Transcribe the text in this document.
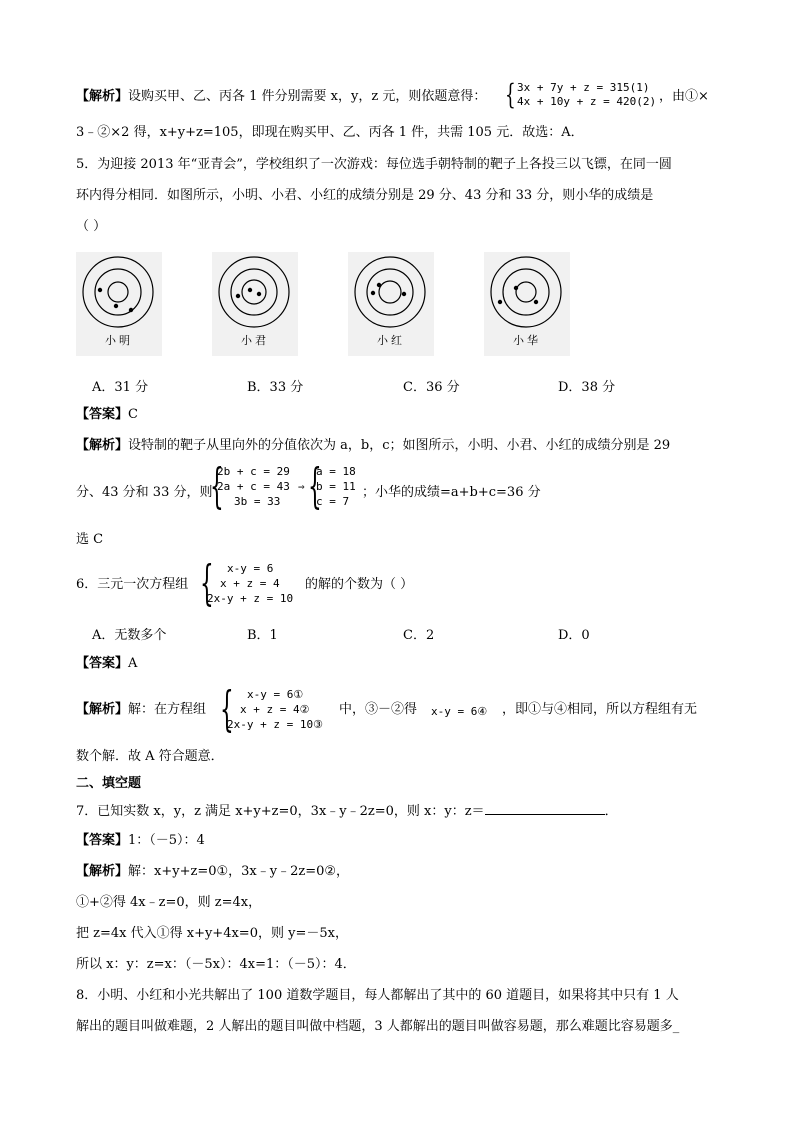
【解析】设购买甲、乙、丙各 1 件分别需要 x，y，z 元，则依题意得： { 3x + 7y + z = 315(1)
4x + 10y + z = 420(2) ，由①×
3﹣②×2 得，x+y+z=105，即现在购买甲、乙、丙各 1 件，共需 105 元．故选：A．
5．为迎接 2013 年“亚青会”，学校组织了一次游戏：每位选手朝特制的靶子上各投三以飞镖，在同一圆
环内得分相同．如图所示，小明、小君、小红的成绩分别是 29 分、43 分和 33 分，则小华的成绩是
（ ）
小明	小君	小红	小华
A．31 分	B．33 分	C．36 分	D．38 分
【答案】C
【解析】设特制的靶子从里向外的分值依次为 a，b，c；如图所示，小明、小君、小红的成绩分别是 29
分、43 分和 33 分，则
{
2b + c = 29
2a + c = 43
3b = 33
⇒ {
a = 18
b = 11
c = 7
；小华的成绩=a+b+c=36 分
选 C
6．三元一次方程组 { x-y = 6
x + z = 4
2x-y + z = 10
的解的个数为（ ）
A．无数多个	B．1	C．2	D．0
【答案】A
【解析】解：在方程组 { x-y = 6①
x + z = 4②
2x-y + z = 10③
中，③－②得 x-y = 6④ ，即①与④相同，所以方程组有无
数个解．故 A 符合题意．
二、填空题
7．已知实数 x，y，z 满足 x+y+z=0，3x﹣y﹣2z=0，则 x：y：z＝	．
【答案】1：（－5）：4
【解析】解：x+y+z=0①，3x﹣y﹣2z=0②，
①+②得 4x﹣z=0，则 z=4x，
把 z=4x 代入①得 x+y+4x=0，则 y=－5x，
所以 x：y：z=x：（－5x）：4x=1：（－5）：4．
8．小明、小红和小光共解出了 100 道数学题目，每人都解出了其中的 60 道题目，如果将其中只有 1 人
解出的题目叫做难题，2 人解出的题目叫做中档题，3 人都解出的题目叫做容易题，那么难题比容易题多_
